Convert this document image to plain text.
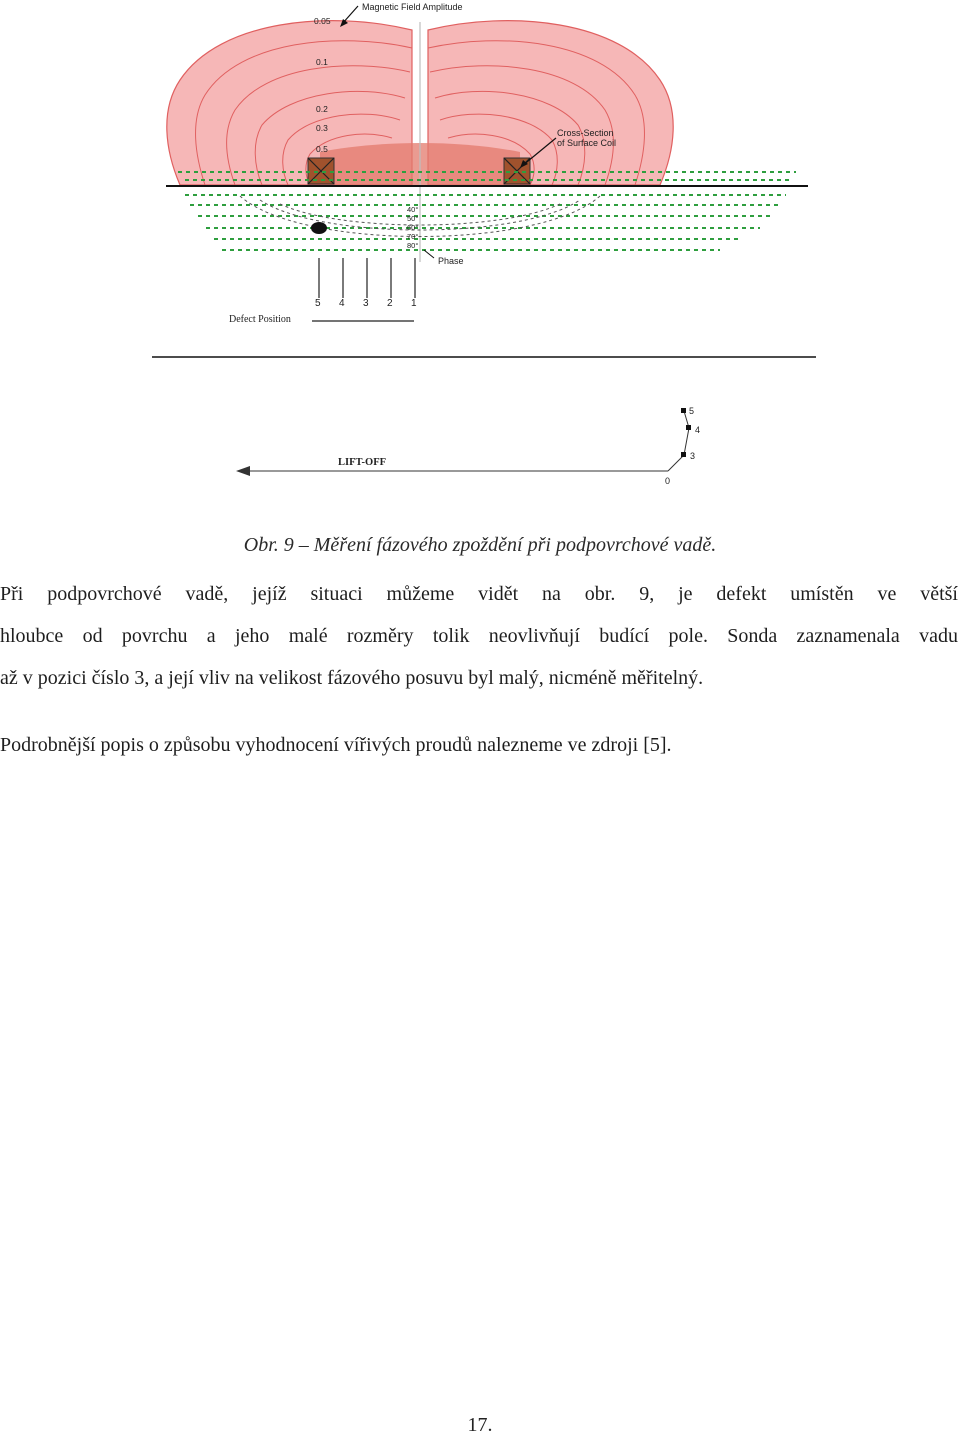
Magnetic Field Amplitude
0.05
0.1
0.2
0.3
0.5
Cross-Section
of Surface Coil
40°
50°
60°
70°
80°
Phase
5 4 3 2 1
Defect Position
LIFT-OFF
0
3
4
5
Obr. 9 – Měření fázového zpoždění při podpovrchové vadě.
Při podpovrchové vadě, jejíž situaci můžeme vidět na obr. 9, je defekt umístěn ve větší
hloubce od povrchu a jeho malé rozměry tolik neovlivňují budící pole. Sonda zaznamenala vadu
až v pozici číslo 3, a její vliv na velikost fázového posuvu byl malý, nicméně měřitelný.
Podrobnější popis o způsobu vyhodnocení vířivých proudů nalezneme ve zdroji [5].
17.
